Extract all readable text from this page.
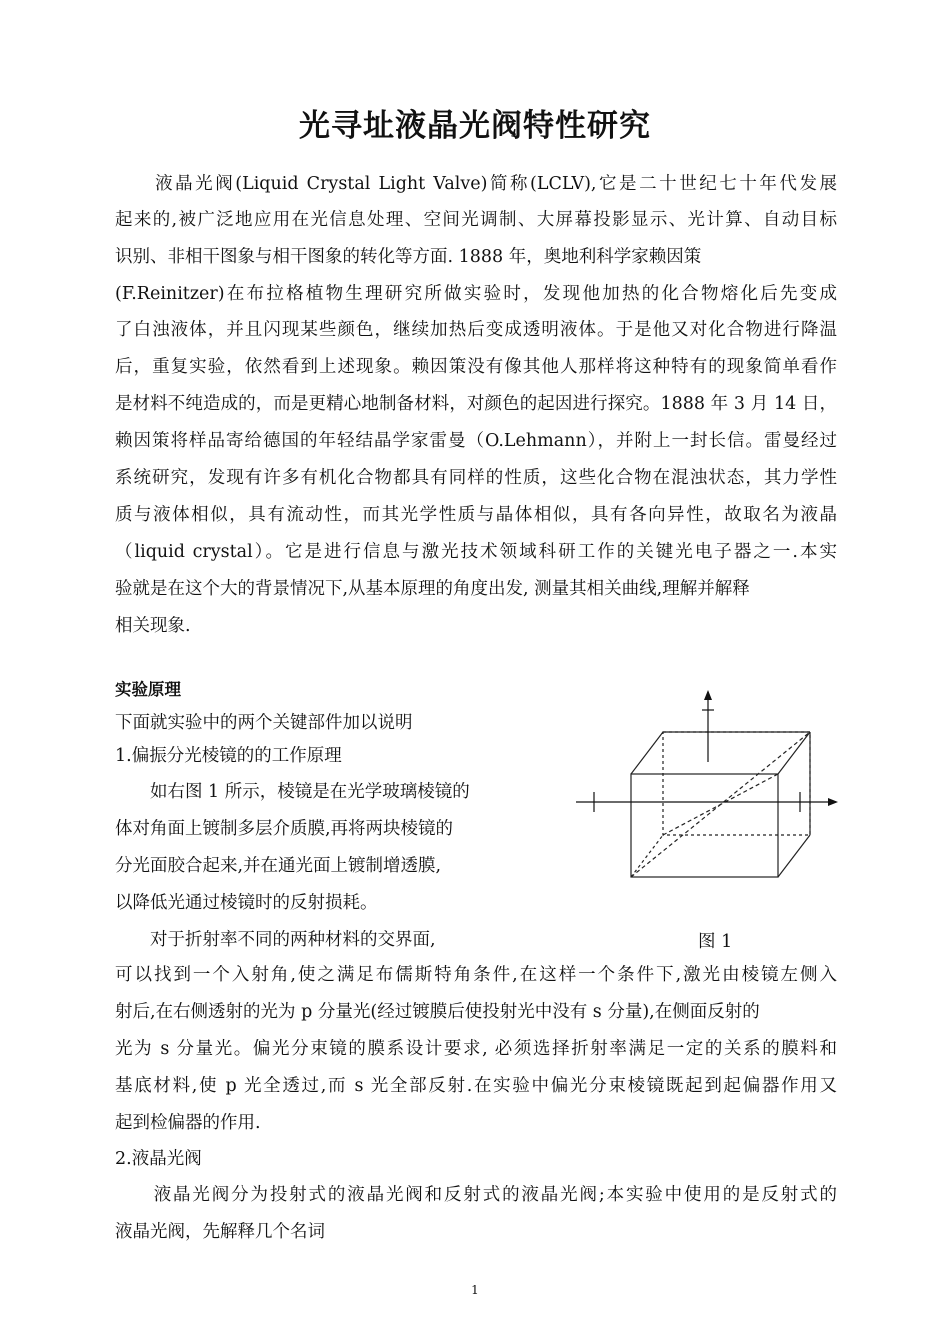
光寻址液晶光阀特性研究
　　液晶光阀(Liquid Crystal Light Valve)简称(LCLV),它是二十世纪七十年代发展
起来的,被广泛地应用在光信息处理、空间光调制、大屏幕投影显示、光计算、自动目标
识别、非相干图象与相干图象的转化等方面. 1888 年，奥地利科学家赖因策
(F.Reinitzer)在布拉格植物生理研究所做实验时，发现他加热的化合物熔化后先变成
了白浊液体，并且闪现某些颜色，继续加热后变成透明液体。于是他又对化合物进行降温
后，重复实验，依然看到上述现象。赖因策没有像其他人那样将这种特有的现象简单看作
是材料不纯造成的，而是更精心地制备材料，对颜色的起因进行探究。1888 年 3 月 14 日，
赖因策将样品寄给德国的年轻结晶学家雷曼（O.Lehmann），并附上一封长信。雷曼经过
系统研究，发现有许多有机化合物都具有同样的性质，这些化合物在混浊状态，其力学性
质与液体相似，具有流动性，而其光学性质与晶体相似，具有各向异性，故取名为液晶
（liquid crystal）。它是进行信息与激光技术领域科研工作的关键光电子器之一.本实
验就是在这个大的背景情况下,从基本原理的角度出发, 测量其相关曲线,理解并解释
相关现象.
实验原理
下面就实验中的两个关键部件加以说明
1.偏振分光棱镜的的工作原理
　　如右图 1 所示，棱镜是在光学玻璃棱镜的
体对角面上镀制多层介质膜,再将两块棱镜的
分光面胶合起来,并在通光面上镀制增透膜,
以降低光通过棱镜时的反射损耗。
　　对于折射率不同的两种材料的交界面,	图 1
可以找到一个入射角,使之满足布儒斯特角条件,在这样一个条件下,激光由棱镜左侧入
射后,在右侧透射的光为 p 分量光(经过镀膜后使投射光中没有 s 分量),在侧面反射的
光为 s 分量光。偏光分束镜的膜系设计要求, 必须选择折射率满足一定的关系的膜料和
基底材料,使 p 光全透过,而 s 光全部反射.在实验中偏光分束棱镜既起到起偏器作用又
起到检偏器的作用.
2.液晶光阀
　　液晶光阀分为投射式的液晶光阀和反射式的液晶光阀;本实验中使用的是反射式的
液晶光阀，先解释几个名词
1
